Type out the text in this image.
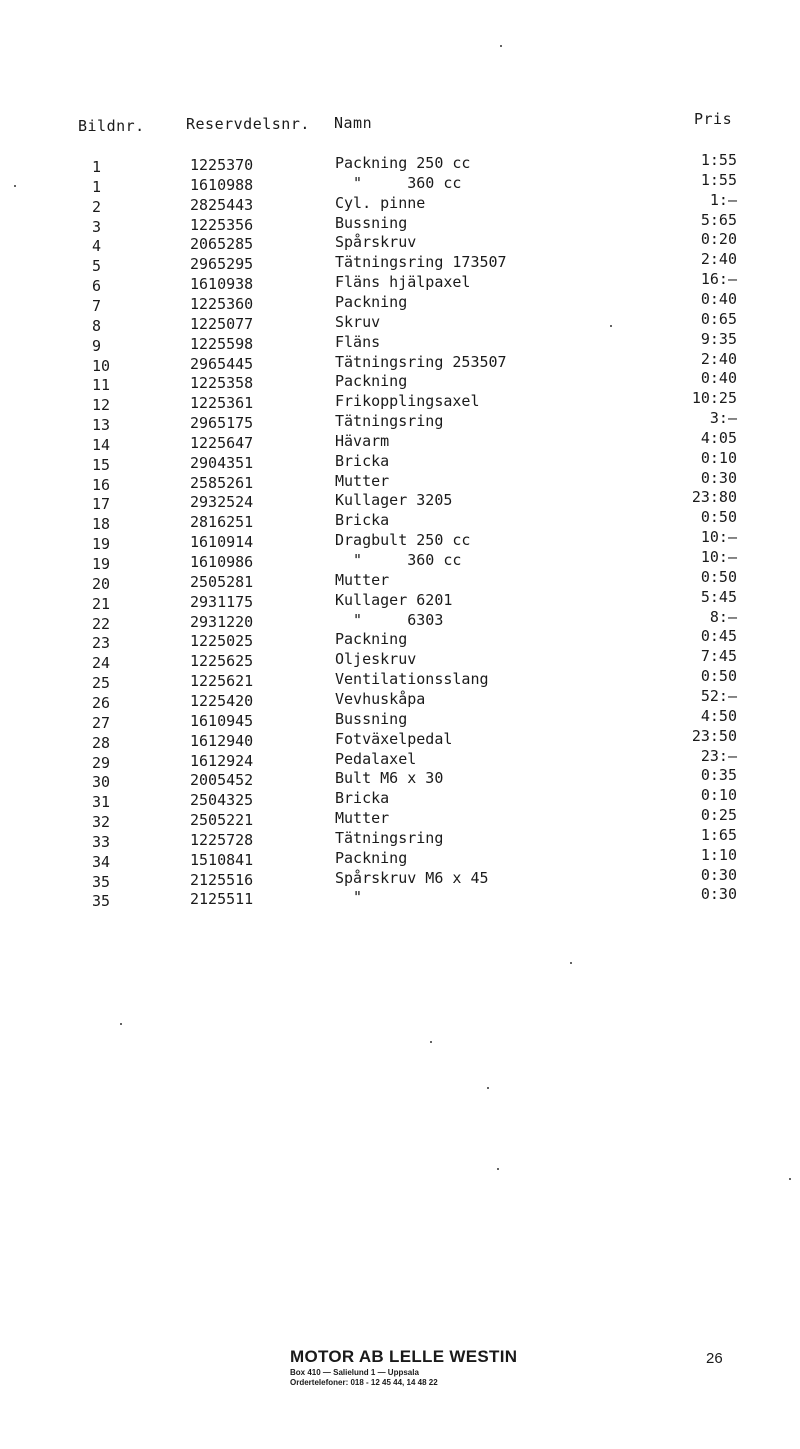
Bildnr.	Reservdelsnr. Namn	Pris
1	1225370	Packning 250 cc	1:55
1	1610988	"     360 cc	1:55
2	2825443	Cyl. pinne	1:—
3	1225356	Bussning	5:65
4	2065285	Spårskruv	0:20
5	2965295	Tätningsring 173507	2:40
6	1610938	Fläns hjälpaxel	16:—
7	1225360	Packning	0:40
8	1225077	Skruv	0:65
9	1225598	Fläns	9:35
10	2965445	Tätningsring 253507	2:40
11	1225358	Packning	0:40
12	1225361	Frikopplingsaxel	10:25
13	2965175	Tätningsring	3:—
14	1225647	Hävarm	4:05
15	2904351	Bricka	0:10
16	2585261	Mutter	0:30
17	2932524	Kullager 3205	23:80
18	2816251	Bricka	0:50
19	1610914	Dragbult 250 cc	10:—
19	1610986	"     360 cc	10:—
20	2505281	Mutter	0:50
21	2931175	Kullager 6201	5:45
22	2931220	"     6303	8:—
23	1225025	Packning	0:45
24	1225625	Oljeskruv	7:45
25	1225621	Ventilationsslang	0:50
26	1225420	Vevhuskåpa	52:—
27	1610945	Bussning	4:50
28	1612940	Fotväxelpedal	23:50
29	1612924	Pedalaxel	23:—
30	2005452	Bult M6 x 30	0:35
31	2504325	Bricka	0:10
32	2505221	Mutter	0:25
33	1225728	Tätningsring	1:65
34	1510841	Packning	1:10
35	2125516	Spårskruv M6 x 45	0:30
35	2125511	"	0:30
MOTOR AB LELLE WESTIN
Box 410 — Salielund 1 — Uppsala
Ordertelefoner: 018 - 12 45 44, 14 48 22
26
